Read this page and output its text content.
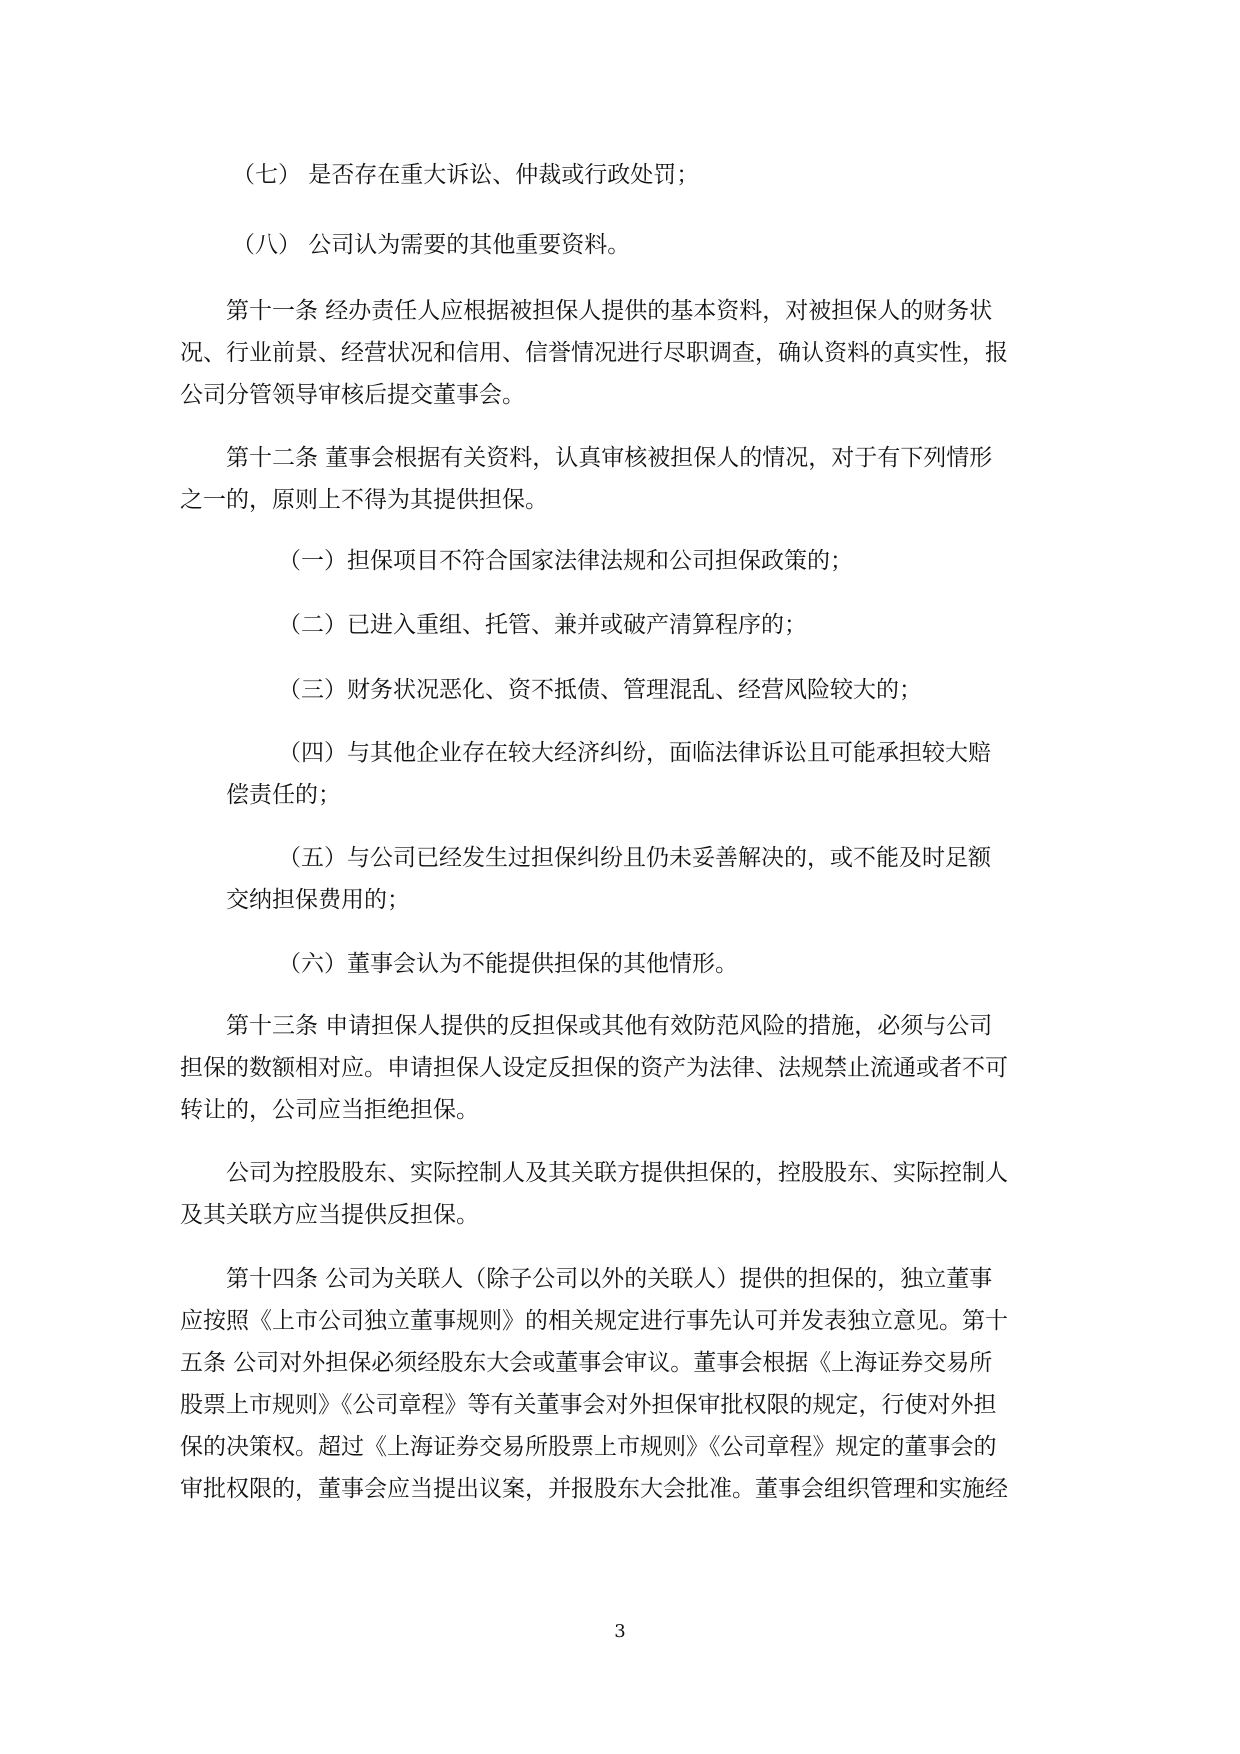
（七） 是否存在重大诉讼、仲裁或行政处罚；
（八） 公司认为需要的其他重要资料。
第十一条 经办责任人应根据被担保人提供的基本资料，对被担保人的财务状
况、行业前景、经营状况和信用、信誉情况进行尽职调查，确认资料的真实性，报
公司分管领导审核后提交董事会。
第十二条 董事会根据有关资料，认真审核被担保人的情况，对于有下列情形
之一的，原则上不得为其提供担保。
（一）担保项目不符合国家法律法规和公司担保政策的；
（二）已进入重组、托管、兼并或破产清算程序的；
（三）财务状况恶化、资不抵债、管理混乱、经营风险较大的；
（四）与其他企业存在较大经济纠纷，面临法律诉讼且可能承担较大赔
偿责任的；
（五）与公司已经发生过担保纠纷且仍未妥善解决的，或不能及时足额
交纳担保费用的；
（六）董事会认为不能提供担保的其他情形。
第十三条 申请担保人提供的反担保或其他有效防范风险的措施，必须与公司
担保的数额相对应。申请担保人设定反担保的资产为法律、法规禁止流通或者不可
转让的，公司应当拒绝担保。
公司为控股股东、实际控制人及其关联方提供担保的，控股股东、实际控制人
及其关联方应当提供反担保。
第十四条 公司为关联人（除子公司以外的关联人）提供的担保的，独立董事
应按照《上市公司独立董事规则》的相关规定进行事先认可并发表独立意见。第十
五条 公司对外担保必须经股东大会或董事会审议。董事会根据《上海证券交易所
股票上市规则》《公司章程》等有关董事会对外担保审批权限的规定，行使对外担
保的决策权。超过《上海证券交易所股票上市规则》《公司章程》规定的董事会的
审批权限的，董事会应当提出议案，并报股东大会批准。董事会组织管理和实施经
3
